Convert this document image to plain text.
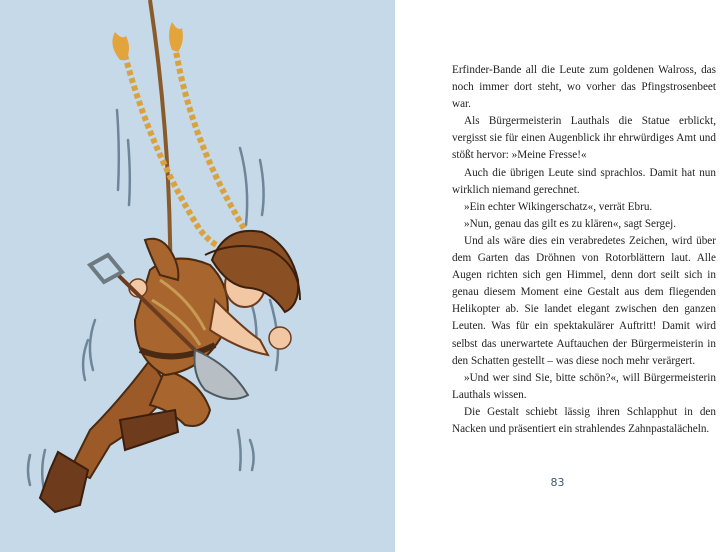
Erfinder-Bande all die Leute zum goldenen Walross, das noch immer dort steht, wo vorher das Pfingstrosenbeet war.

Als Bürgermeisterin Lauthals die Statue erblickt, vergisst sie für einen Augenblick ihr ehrwürdiges Amt und stößt hervor: »Meine Fresse!«

Auch die übrigen Leute sind sprachlos. Damit hat nun wirklich niemand gerechnet.

»Ein echter Wikingerschatz«, verrät Ebru.

»Nun, genau das gilt es zu klären«, sagt Sergej.

Und als wäre dies ein verabredetes Zeichen, wird über dem Garten das Dröhnen von Rotorblättern laut. Alle Augen richten sich gen Himmel, denn dort seilt sich in genau diesem Moment eine Gestalt aus dem fliegenden Helikopter ab. Sie landet elegant zwischen den ganzen Leuten. Was für ein spektakulärer Auftritt! Damit wird selbst das unerwartete Auftauchen der Bürgermeisterin in den Schatten gestellt – was diese noch mehr verärgert.

»Und wer sind Sie, bitte schön?«, will Bürgermeisterin Lauthals wissen.

Die Gestalt schiebt lässig ihren Schlapphut in den Nacken und präsentiert ein strahlendes Zahnpastalächeln.

83
